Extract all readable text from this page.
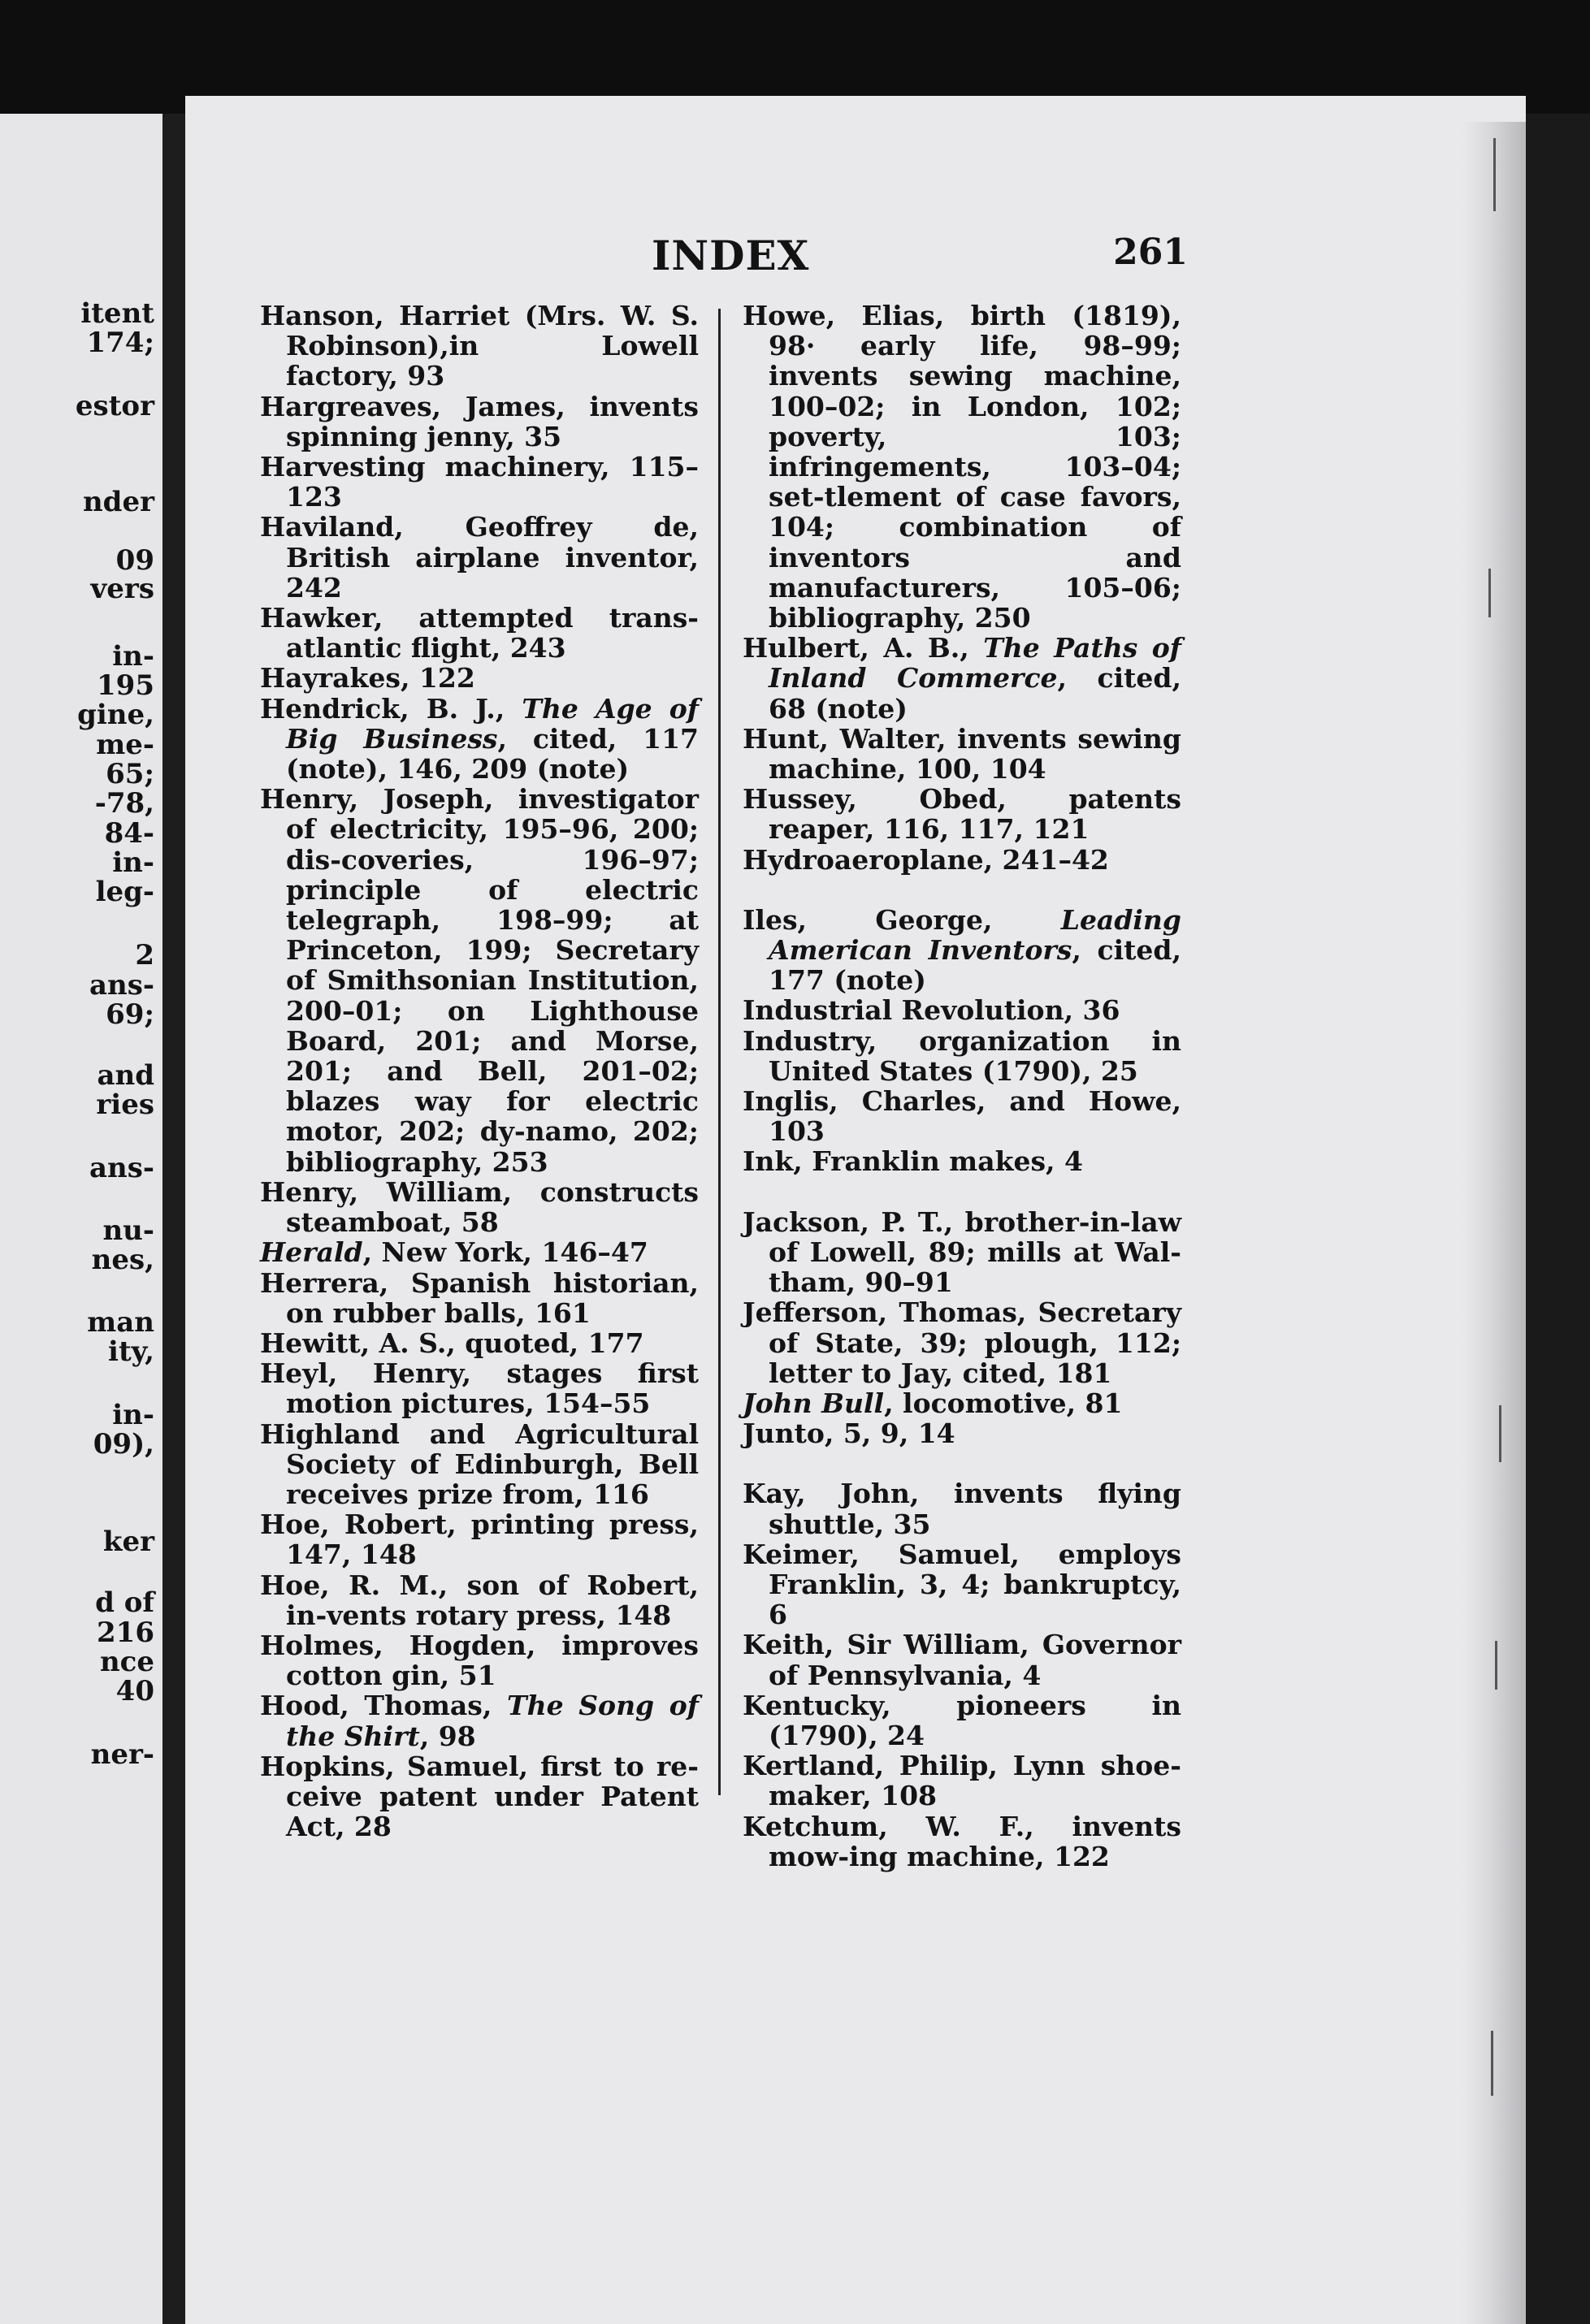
itent
174;
estor
nder
09
vers
in-
195
gine,
me-
65;
-78,
84-
in-
leg-
2
ans-
69;
and
ries
ans-
nu-
nes,
man
ity,
in-
09),
ker
d of
216
nce
40
ner-
INDEX	261
Hanson, Harriet (Mrs. W. S. Robinson),in Lowell factory, 93
Hargreaves, James, invents spinning jenny, 35
Harvesting machinery, 115–123
Haviland, Geoffrey de, British airplane inventor, 242
Hawker, attempted trans-atlantic flight, 243
Hayrakes, 122
Hendrick, B. J., The Age of Big Business, cited, 117 (note), 146, 209 (note)
Henry, Joseph, investigator of electricity, 195–96, 200; dis-coveries, 196–97; principle of electric telegraph, 198–99; at Princeton, 199; Secretary of Smithsonian Institution, 200–01; on Lighthouse Board, 201; and Morse, 201; and Bell, 201–02; blazes way for electric motor, 202; dy-namo, 202; bibliography, 253
Henry, William, constructs steamboat, 58
Herald, New York, 146–47
Herrera, Spanish historian, on rubber balls, 161
Hewitt, A. S., quoted, 177
Heyl, Henry, stages first motion pictures, 154–55
Highland and Agricultural Society of Edinburgh, Bell receives prize from, 116
Hoe, Robert, printing press, 147, 148
Hoe, R. M., son of Robert, in-vents rotary press, 148
Holmes, Hogden, improves cotton gin, 51
Hood, Thomas, The Song of the Shirt, 98
Hopkins, Samuel, first to re-ceive patent under Patent Act, 28
Howe, Elias, birth (1819), 98· early life, 98–99; invents sewing machine, 100–02; in London, 102; poverty, 103; infringements, 103–04; set-tlement of case favors, 104; combination of inventors and manufacturers, 105–06; bibliography, 250
Hulbert, A. B., The Paths of Inland Commerce, cited, 68 (note)
Hunt, Walter, invents sewing machine, 100, 104
Hussey, Obed, patents reaper, 116, 117, 121
Hydroaeroplane, 241–42
Iles, George, Leading American Inventors, cited, 177 (note)
Industrial Revolution, 36
Industry, organization in United States (1790), 25
Inglis, Charles, and Howe, 103
Ink, Franklin makes, 4
Jackson, P. T., brother-in-law of Lowell, 89; mills at Wal-tham, 90–91
Jefferson, Thomas, Secretary of State, 39; plough, 112; letter to Jay, cited, 181
John Bull, locomotive, 81
Junto, 5, 9, 14
Kay, John, invents flying shuttle, 35
Keimer, Samuel, employs Franklin, 3, 4; bankruptcy, 6
Keith, Sir William, Governor of Pennsylvania, 4
Kentucky, pioneers in (1790), 24
Kertland, Philip, Lynn shoe-maker, 108
Ketchum, W. F., invents mow-ing machine, 122
